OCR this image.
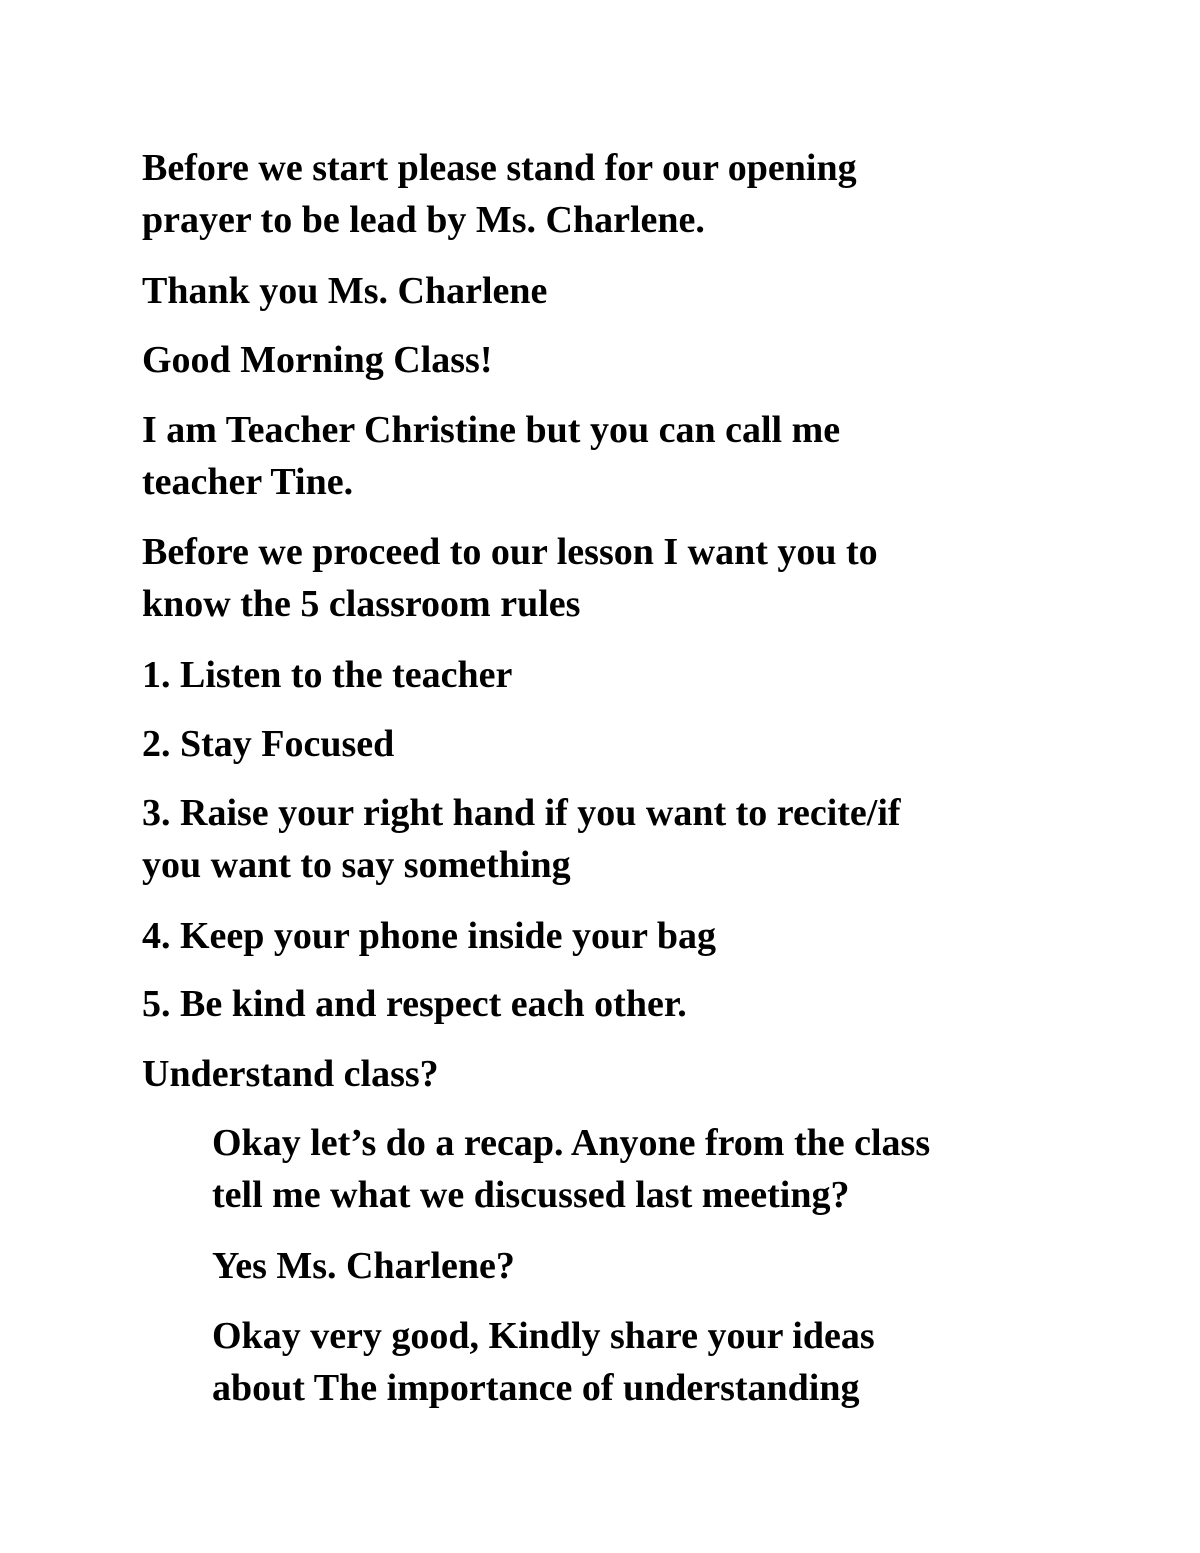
Before we start please stand for our opening
prayer to be lead by Ms. Charlene.

Thank you Ms. Charlene

Good Morning Class!

I am Teacher Christine but you can call me
teacher Tine.

Before we proceed to our lesson I want you to
know the 5 classroom rules

1. Listen to the teacher

2. Stay Focused

3. Raise your right hand if you want to recite/if
you want to say something

4. Keep your phone inside your bag

5. Be kind and respect each other.

Understand class?

Okay let’s do a recap. Anyone from the class
tell me what we discussed last meeting?

Yes Ms. Charlene?

Okay very good, Kindly share your ideas
about The importance of understanding
